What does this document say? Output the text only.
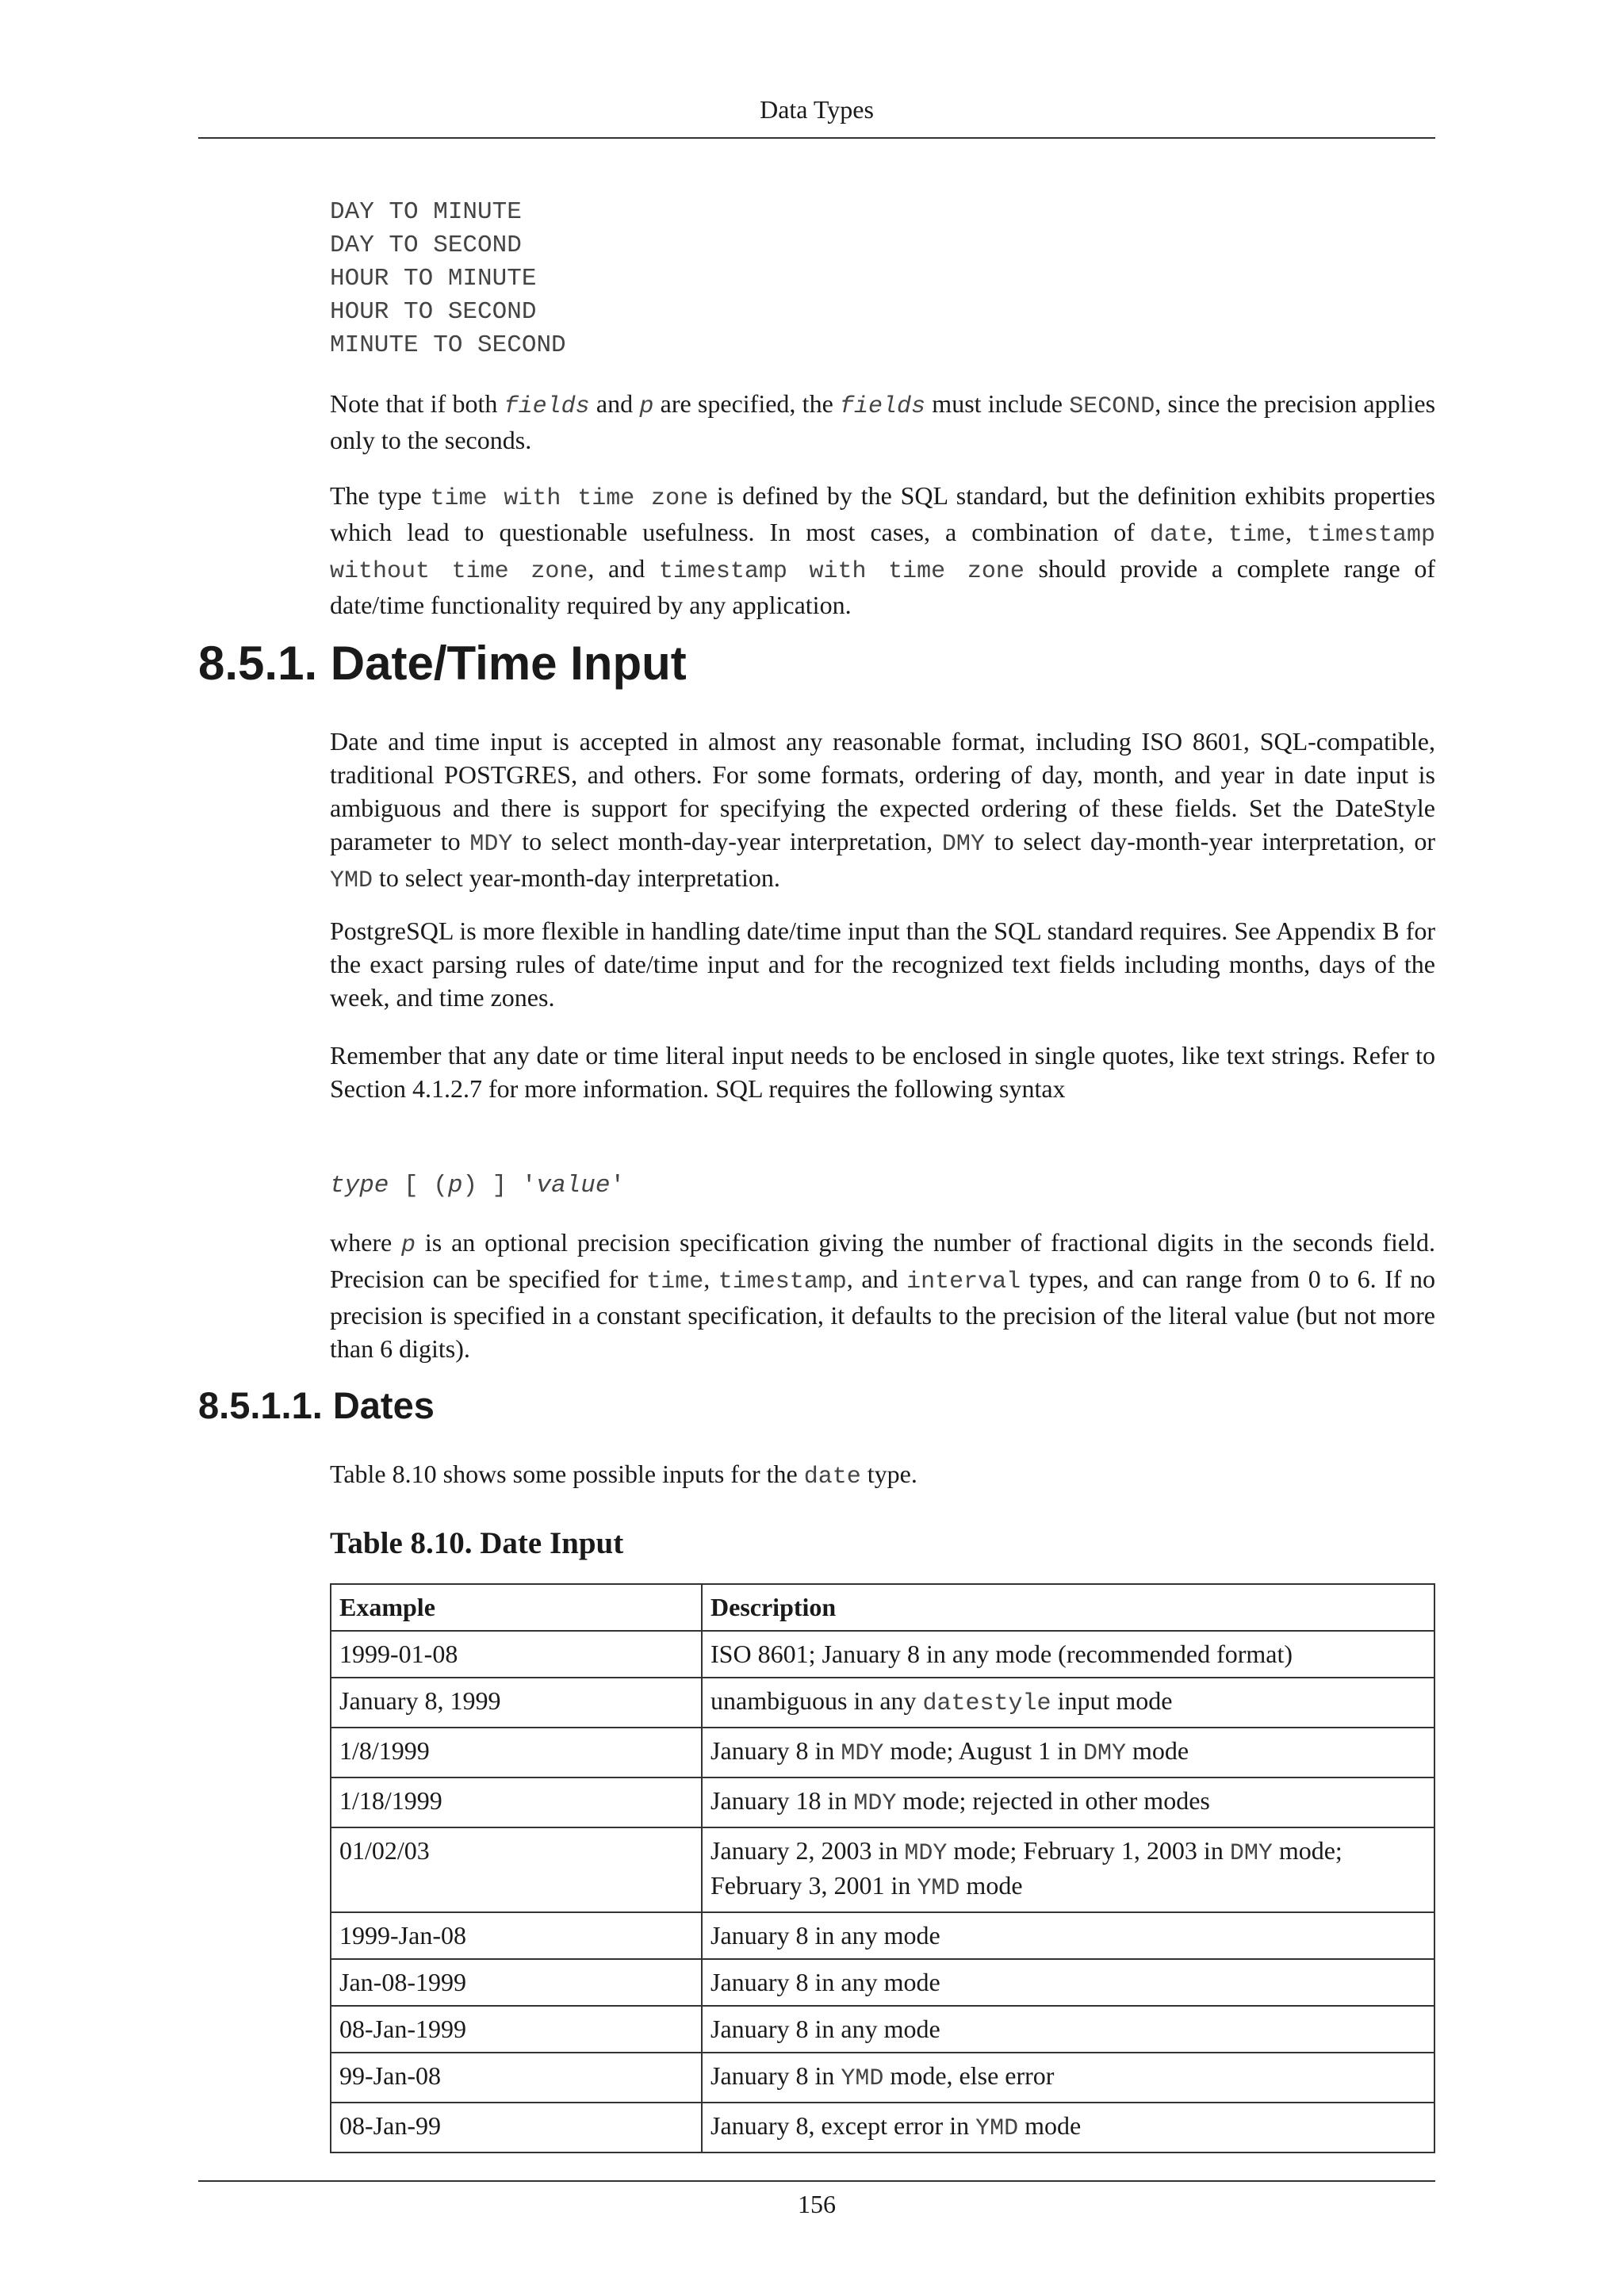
Data Types
DAY TO MINUTE
DAY TO SECOND
HOUR TO MINUTE
HOUR TO SECOND
MINUTE TO SECOND

Note that if both fields and p are specified, the fields must include SECOND, since the precision applies only to the seconds.

The type time with time zone is defined by the SQL standard, but the definition exhibits properties which lead to questionable usefulness. In most cases, a combination of date, time, timestamp without time zone, and timestamp with time zone should provide a complete range of date/time functionality required by any application.

8.5.1. Date/Time Input

Date and time input is accepted in almost any reasonable format, including ISO 8601, SQL-compatible, traditional POSTGRES, and others. For some formats, ordering of day, month, and year in date input is ambiguous and there is support for specifying the expected ordering of these fields. Set the DateStyle parameter to MDY to select month-day-year interpretation, DMY to select day-month-year interpretation, or YMD to select year-month-day interpretation.

PostgreSQL is more flexible in handling date/time input than the SQL standard requires. See Appendix B for the exact parsing rules of date/time input and for the recognized text fields including months, days of the week, and time zones.

Remember that any date or time literal input needs to be enclosed in single quotes, like text strings. Refer to Section 4.1.2.7 for more information. SQL requires the following syntax

type [ (p) ] 'value'

where p is an optional precision specification giving the number of fractional digits in the seconds field. Precision can be specified for time, timestamp, and interval types, and can range from 0 to 6. If no precision is specified in a constant specification, it defaults to the precision of the literal value (but not more than 6 digits).

8.5.1.1. Dates

Table 8.10 shows some possible inputs for the date type.

Table 8.10. Date Input

Example	Description
1999-01-08	ISO 8601; January 8 in any mode (recommended format)
January 8, 1999	unambiguous in any datestyle input mode
1/8/1999	January 8 in MDY mode; August 1 in DMY mode
1/18/1999	January 18 in MDY mode; rejected in other modes
01/02/03	January 2, 2003 in MDY mode; February 1, 2003 in DMY mode; February 3, 2001 in YMD mode
1999-Jan-08	January 8 in any mode
Jan-08-1999	January 8 in any mode
08-Jan-1999	January 8 in any mode
99-Jan-08	January 8 in YMD mode, else error
08-Jan-99	January 8, except error in YMD mode
156
